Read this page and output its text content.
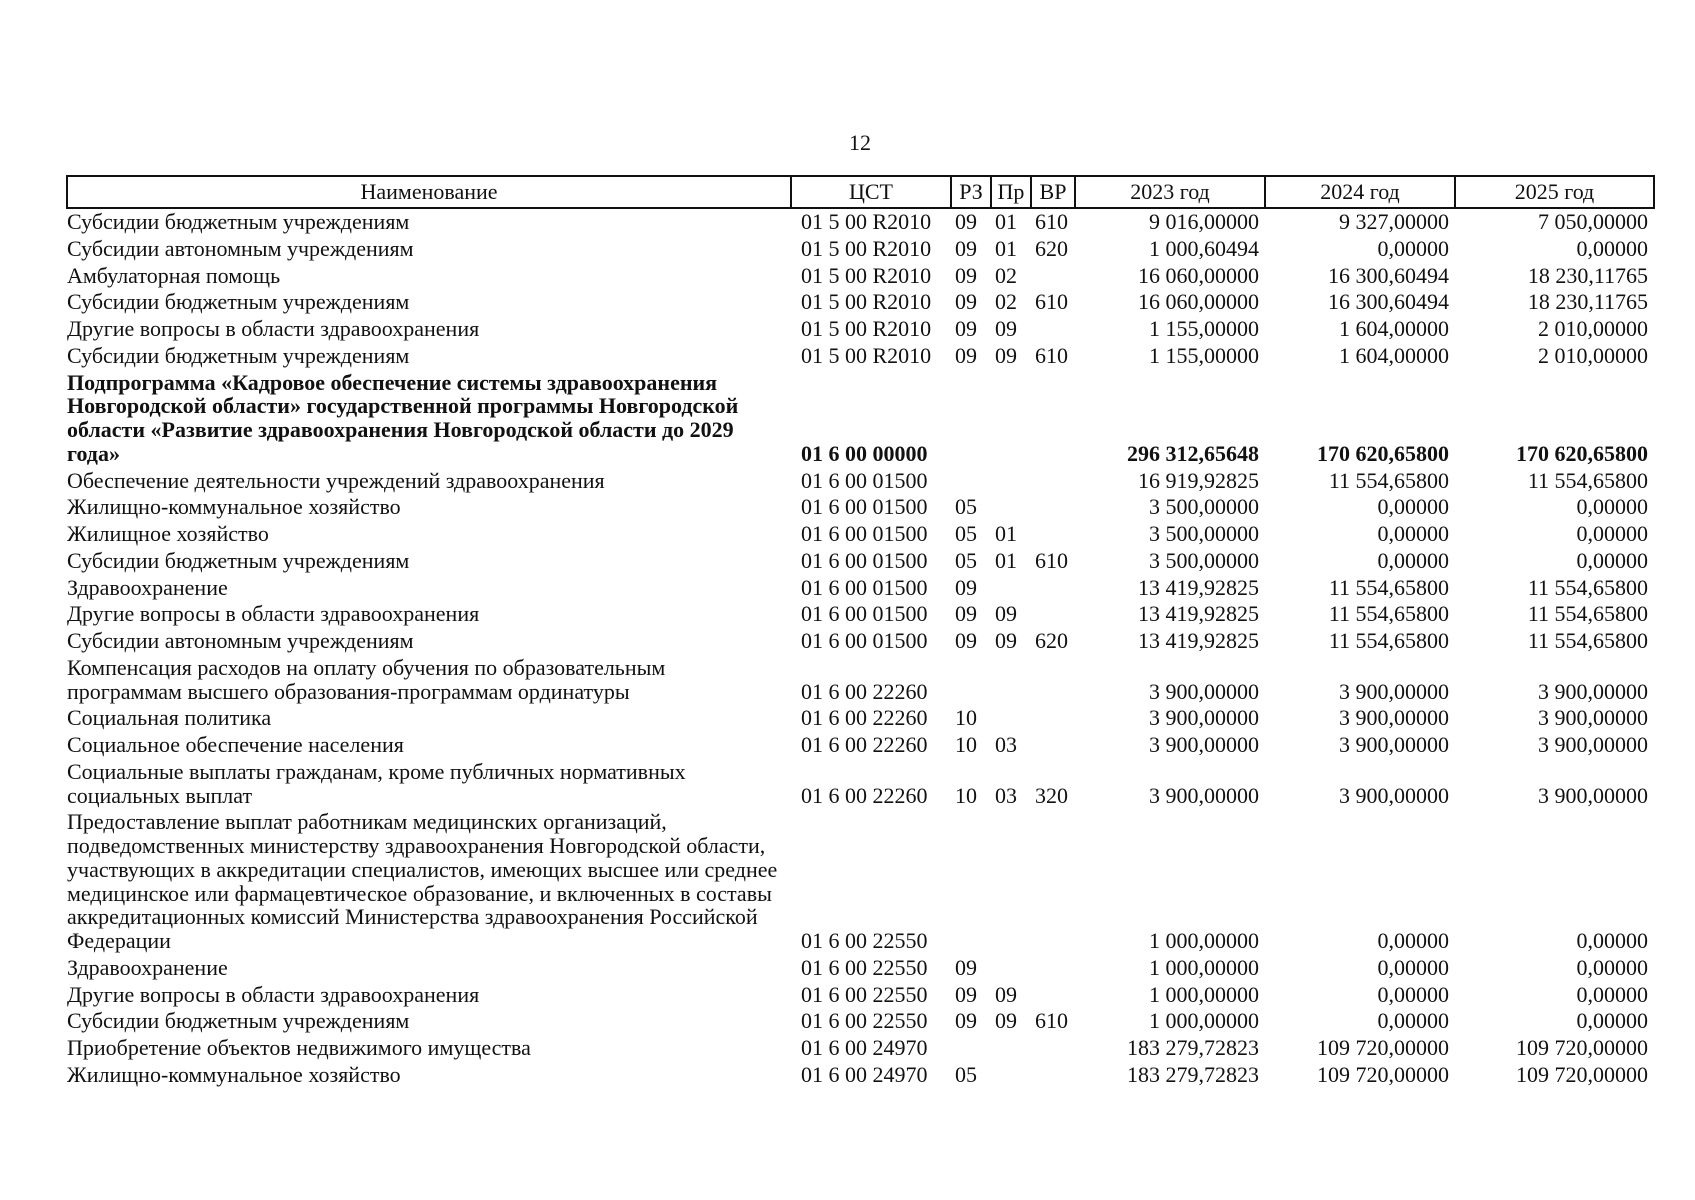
12
Наименование	ЦСТ	РЗ	Пр	ВР	2023 год	2024 год	2025 год
Субсидии бюджетным учреждениям	01 5 00 R2010	09	01	610	9 016,00000	9 327,00000	7 050,00000
Субсидии автономным учреждениям	01 5 00 R2010	09	01	620	1 000,60494	0,00000	0,00000
Амбулаторная помощь	01 5 00 R2010	09	02		16 060,00000	16 300,60494	18 230,11765
Субсидии бюджетным учреждениям	01 5 00 R2010	09	02	610	16 060,00000	16 300,60494	18 230,11765
Другие вопросы в области здравоохранения	01 5 00 R2010	09	09		1 155,00000	1 604,00000	2 010,00000
Субсидии бюджетным учреждениям	01 5 00 R2010	09	09	610	1 155,00000	1 604,00000	2 010,00000
Подпрограмма «Кадровое обеспечение системы здравоохранения Новгородской области» государственной программы Новгородской области «Развитие здравоохранения Новгородской области до 2029 года»	01 6 00 00000				296 312,65648	170 620,65800	170 620,65800
Обеспечение деятельности учреждений здравоохранения	01 6 00 01500				16 919,92825	11 554,65800	11 554,65800
Жилищно-коммунальное хозяйство	01 6 00 01500	05			3 500,00000	0,00000	0,00000
Жилищное хозяйство	01 6 00 01500	05	01		3 500,00000	0,00000	0,00000
Субсидии бюджетным учреждениям	01 6 00 01500	05	01	610	3 500,00000	0,00000	0,00000
Здравоохранение	01 6 00 01500	09			13 419,92825	11 554,65800	11 554,65800
Другие вопросы в области здравоохранения	01 6 00 01500	09	09		13 419,92825	11 554,65800	11 554,65800
Субсидии автономным учреждениям	01 6 00 01500	09	09	620	13 419,92825	11 554,65800	11 554,65800
Компенсация расходов на оплату обучения по образовательным программам высшего образования-программам ординатуры	01 6 00 22260				3 900,00000	3 900,00000	3 900,00000
Социальная политика	01 6 00 22260	10			3 900,00000	3 900,00000	3 900,00000
Социальное обеспечение населения	01 6 00 22260	10	03		3 900,00000	3 900,00000	3 900,00000
Социальные выплаты гражданам, кроме публичных нормативных социальных выплат	01 6 00 22260	10	03	320	3 900,00000	3 900,00000	3 900,00000
Предоставление выплат работникам медицинских организаций, подведомственных министерству здравоохранения Новгородской области, участвующих в аккредитации специалистов, имеющих высшее или среднее медицинское или фармацевтическое образование, и включенных в составы аккредитационных комиссий Министерства здравоохранения Российской Федерации	01 6 00 22550				1 000,00000	0,00000	0,00000
Здравоохранение	01 6 00 22550	09			1 000,00000	0,00000	0,00000
Другие вопросы в области здравоохранения	01 6 00 22550	09	09		1 000,00000	0,00000	0,00000
Субсидии бюджетным учреждениям	01 6 00 22550	09	09	610	1 000,00000	0,00000	0,00000
Приобретение объектов недвижимого имущества	01 6 00 24970				183 279,72823	109 720,00000	109 720,00000
Жилищно-коммунальное хозяйство	01 6 00 24970	05			183 279,72823	109 720,00000	109 720,00000
